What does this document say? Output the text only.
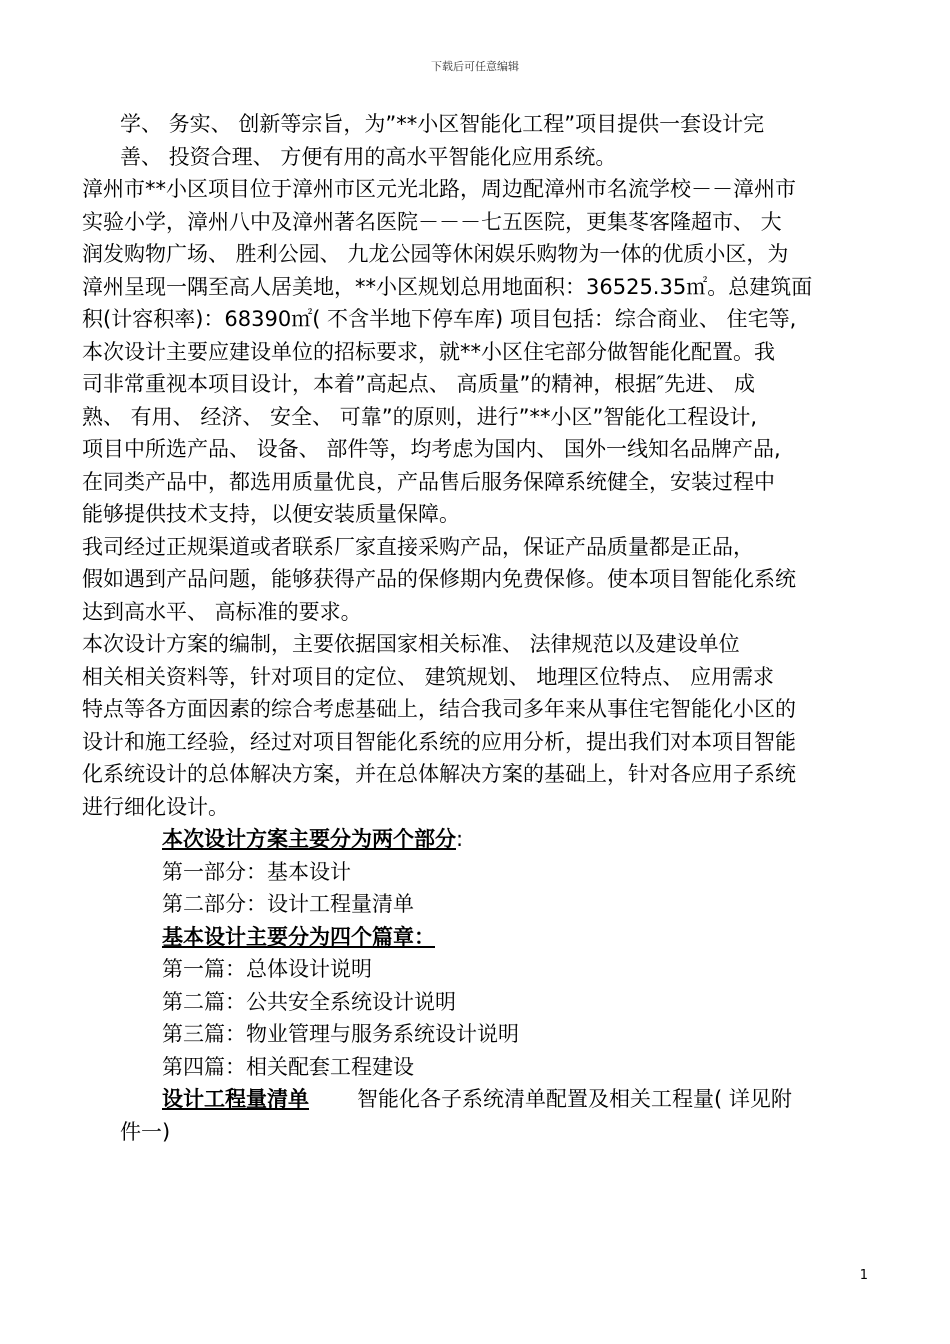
下载后可任意编辑
学、 务实、 创新等宗旨，为”**小区智能化工程”项目提供一套设计完
善、 投资合理、 方便有用的高水平智能化应用系统。
漳州市**小区项目位于漳州市区元光北路，周边配漳州市名流学校－－漳州市
实验小学，漳州八中及漳州著名医院－－－七五医院，更集苳客隆超市、 大
润发购物广场、 胜利公园、 九龙公园等休闲娱乐购物为一体的优质小区，为
漳州呈现一隅至高人居美地，**小区规划总用地面积：36525.35㎡。总建筑面
积(计容积率)：68390㎡( 不含半地下停车库) 项目包括：综合商业、 住宅等,
本次设计主要应建设单位的招标要求，就**小区住宅部分做智能化配置。我
司非常重视本项目设计，本着”高起点、 高质量”的精神，根据″先进、 成
熟、 有用、 经济、 安全、 可靠”的原则，进行”**小区”智能化工程设计,
项目中所选产品、 设备、 部件等，均考虑为国内、 国外一线知名品牌产品,
在同类产品中，都选用质量优良，产品售后服务保障系统健全，安装过程中
能够提供技术支持，以便安装质量保障。
我司经过正规渠道或者联系厂家直接采购产品，保证产品质量都是正品，
假如遇到产品问题，能够获得产品的保修期内免费保修。使本项目智能化系统
达到高水平、 高标准的要求。
本次设计方案的编制，主要依据国家相关标准、 法律规范以及建设单位
相关相关资料等，针对项目的定位、 建筑规划、 地理区位特点、 应用需求
特点等各方面因素的综合考虑基础上，结合我司多年来从事住宅智能化小区的
设计和施工经验，经过对项目智能化系统的应用分析，提出我们对本项目智能
化系统设计的总体解决方案，并在总体解决方案的基础上，针对各应用子系统
进行细化设计。
本次设计方案主要分为两个部分:
第一部分：基本设计
第二部分：设计工程量清单
基本设计主要分为四个篇章：
第一篇：总体设计说明
第二篇：公共安全系统设计说明
第三篇：物业管理与服务系统设计说明
第四篇：相关配套工程建设
设计工程量清单 智能化各子系统清单配置及相关工程量( 详见附
件一)
1
